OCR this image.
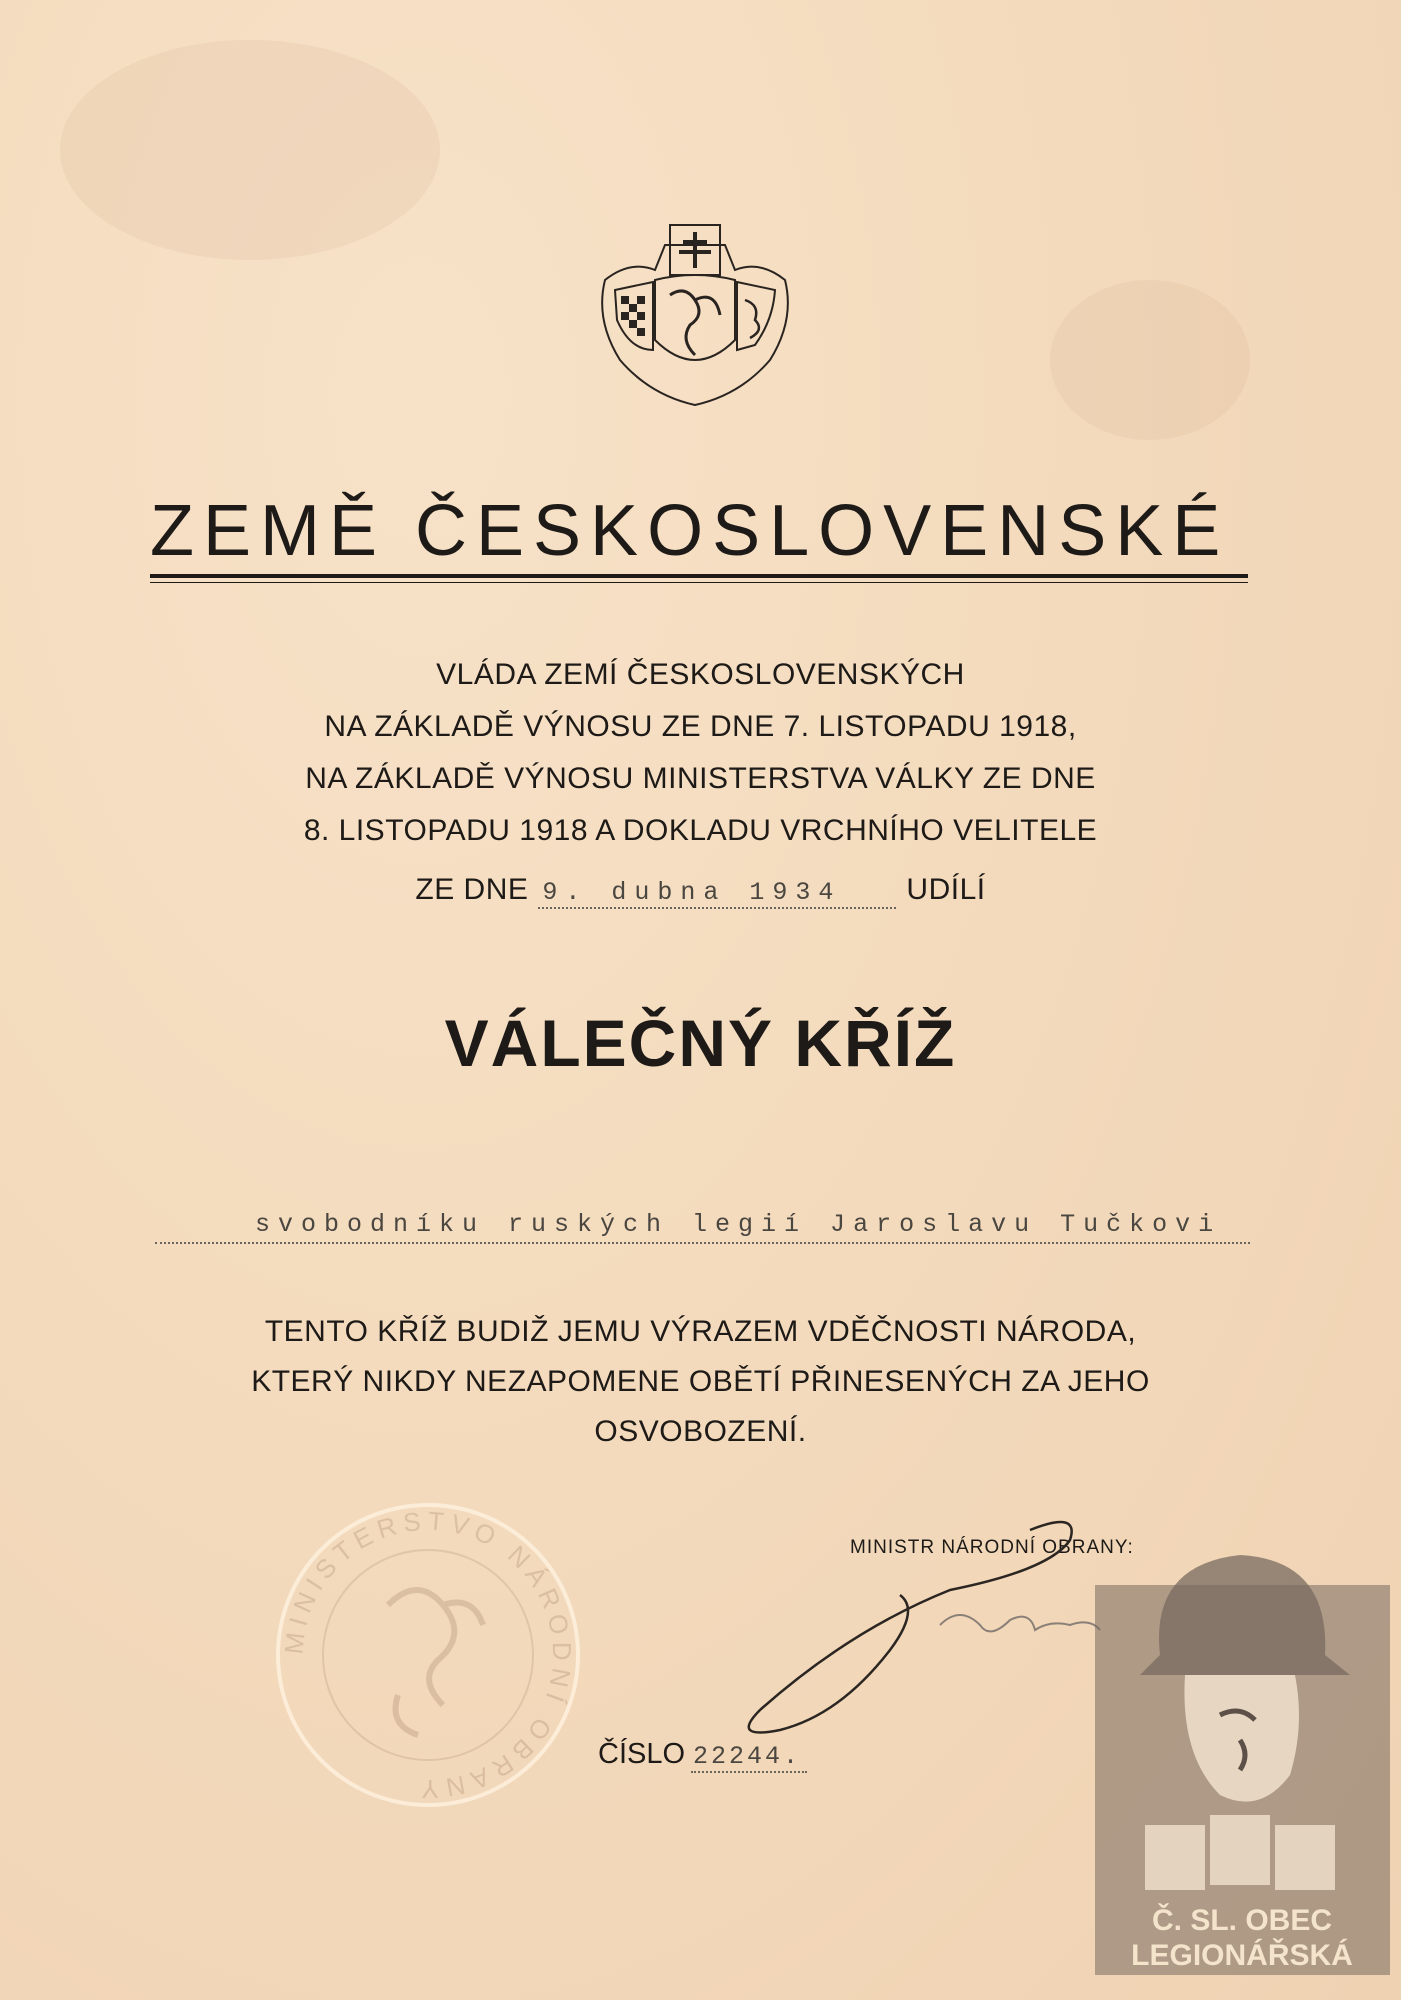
ZEMĚ ČESKOSLOVENSKÉ
VLÁDA ZEMÍ ČESKOSLOVENSKÝCH
NA ZÁKLADĚ VÝNOSU ZE DNE 7. LISTOPADU 1918,
NA ZÁKLADĚ VÝNOSU MINISTERSTVA VÁLKY ZE DNE
8. LISTOPADU 1918 A DOKLADU VRCHNÍHO VELITELE
ZE DNE 9. dubna 1934 UDÍLÍ
VÁLEČNÝ KŘÍŽ
svobodníku ruských legií Jaroslavu Tučkovi
TENTO KŘÍŽ BUDIŽ JEMU VÝRAZEM VDĚČNOSTI NÁRODA,
KTERÝ NIKDY NEZAPOMENE OBĚTÍ PŘINESENÝCH ZA JEHO
OSVOBOZENÍ.
MINISTERSTVO NÁRODNÍ OBRANY
MINISTR NÁRODNÍ OBRANY:
ČÍSLO 22244.
Č. SL. OBEC
LEGIONÁŘSKÁ
